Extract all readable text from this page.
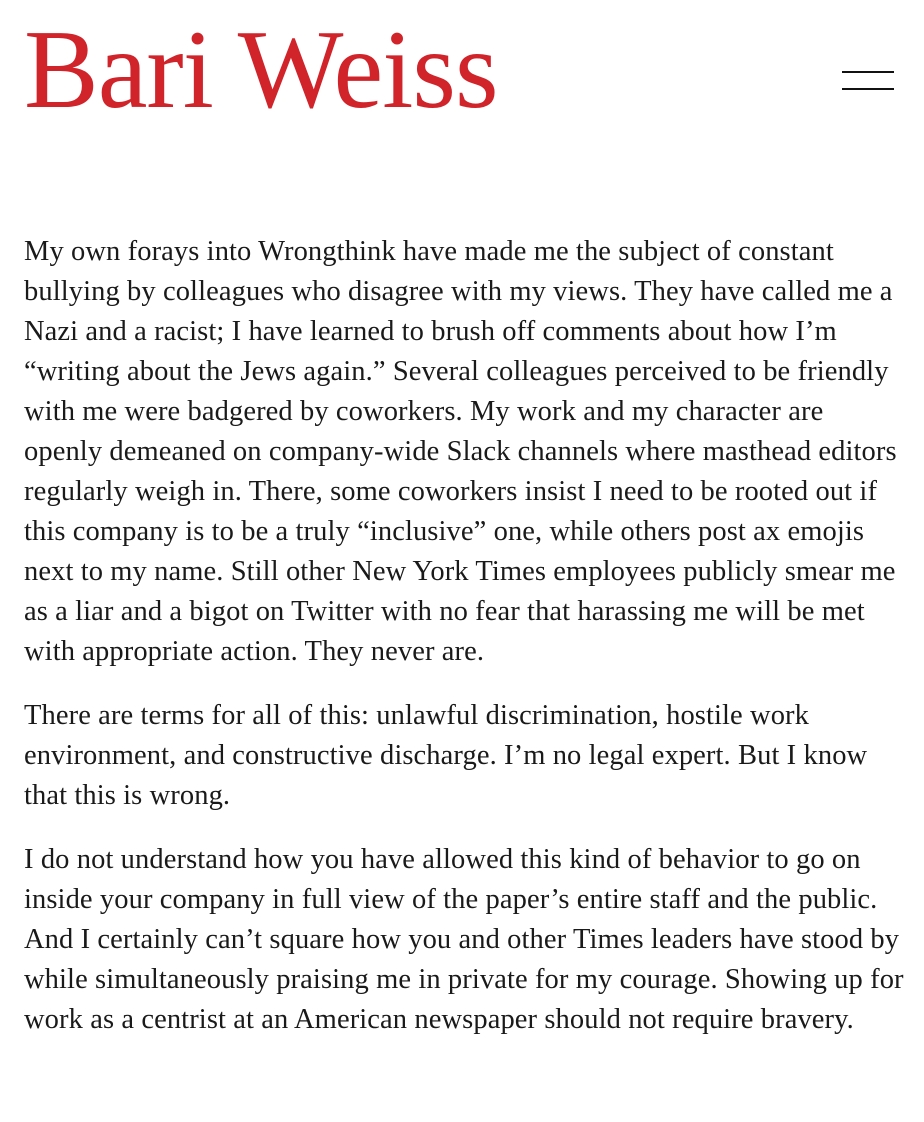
Bari Weiss

My own forays into Wrongthink have made me the subject of constant bullying by colleagues who disagree with my views. They have called me a Nazi and a racist; I have learned to brush off comments about how I’m “writing about the Jews again.” Several colleagues perceived to be friendly with me were badgered by coworkers. My work and my character are openly demeaned on company-wide Slack channels where masthead editors regularly weigh in. There, some coworkers insist I need to be rooted out if this company is to be a truly “inclusive” one, while others post ax emojis next to my name. Still other New York Times employees publicly smear me as a liar and a bigot on Twitter with no fear that harassing me will be met with appropriate action. They never are.

There are terms for all of this: unlawful discrimination, hostile work environment, and constructive discharge. I’m no legal expert. But I know that this is wrong.

I do not understand how you have allowed this kind of behavior to go on inside your company in full view of the paper’s entire staff and the public. And I certainly can’t square how you and other Times leaders have stood by while simultaneously praising me in private for my courage. Showing up for work as a centrist at an American newspaper should not require bravery.
